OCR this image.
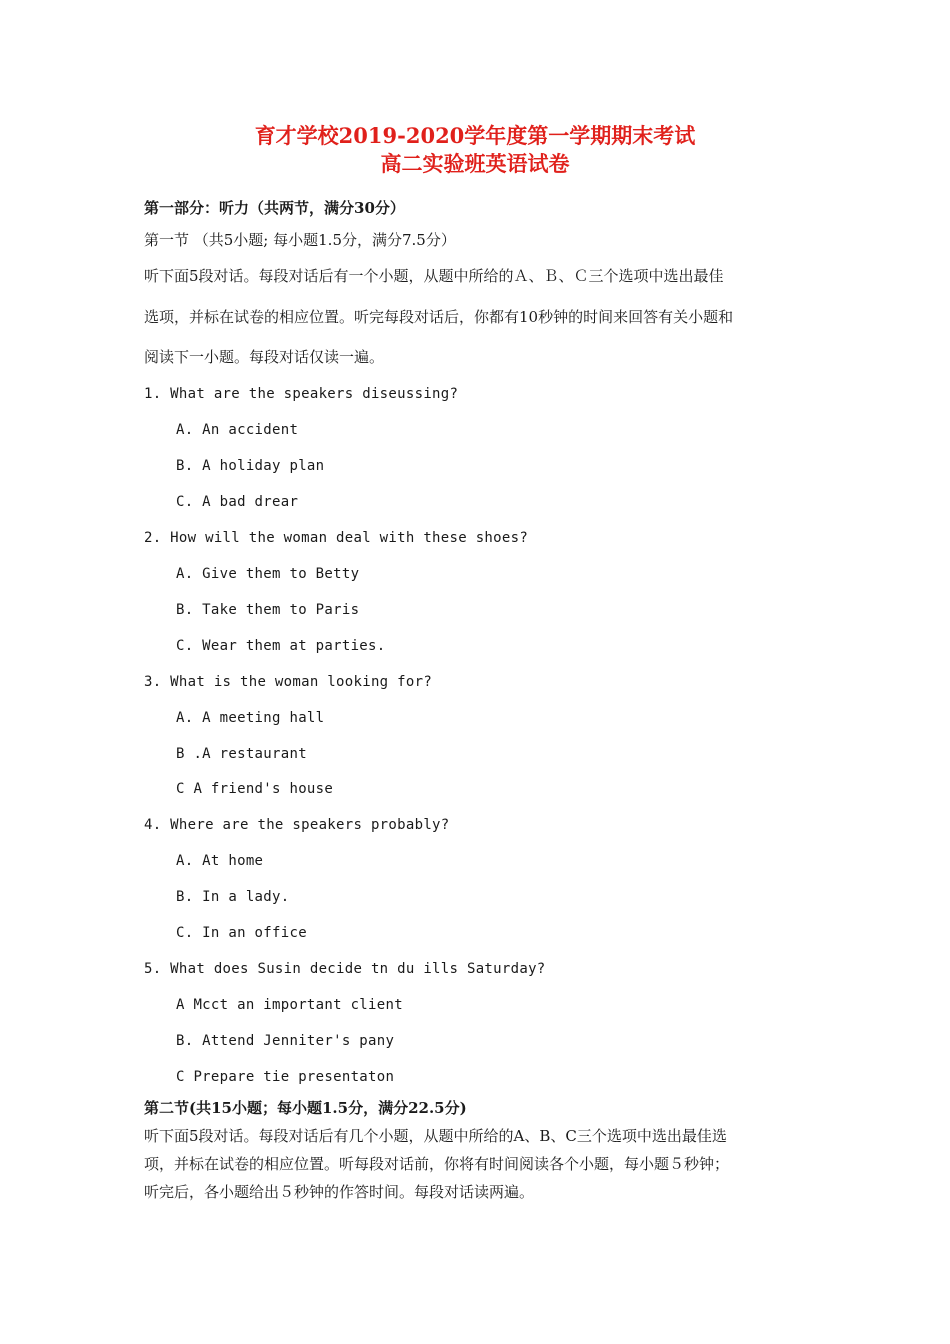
育才学校2019-2020学年度第一学期期末考试
高二实验班英语试卷
第一部分：听力（共两节，满分30分）
第一节 （共5小题; 每小题1.5分，满分7.5分）
听下面5段对话。每段对话后有一个小题，从题中所给的Ａ、Ｂ、Ｃ三个选项中选出最佳
选项，并标在试卷的相应位置。听完每段对话后，你都有10秒钟的时间来回答有关小题和
阅读下一小题。每段对话仅读一遍。
1. What are the speakers diseussing?
A. An accident
B. A holiday plan
C. A bad drear
2. How will the woman deal with these shoes?
A. Give them to Betty
B. Take them to Paris
C. Wear them at parties.
3. What is the woman looking for?
A. A meeting hall
B .A restaurant
C A friend's house
4. Where are the speakers probably?
A. At home
B. In a lady.
C. In an office
5. What does Susin decide tn du ills Saturday?
A Mcct an important client
B. Attend Jenniter's pany
C Prepare tie presentaton
第二节(共15小题；每小题1.5分，满分22.5分)
听下面5段对话。每段对话后有几个小题，从题中所给的A、B、C三个选项中选出最佳选
项，并标在试卷的相应位置。听每段对话前，你将有时间阅读各个小题，每小题５秒钟；
听完后，各小题给出５秒钟的作答时间。每段对话读两遍。
